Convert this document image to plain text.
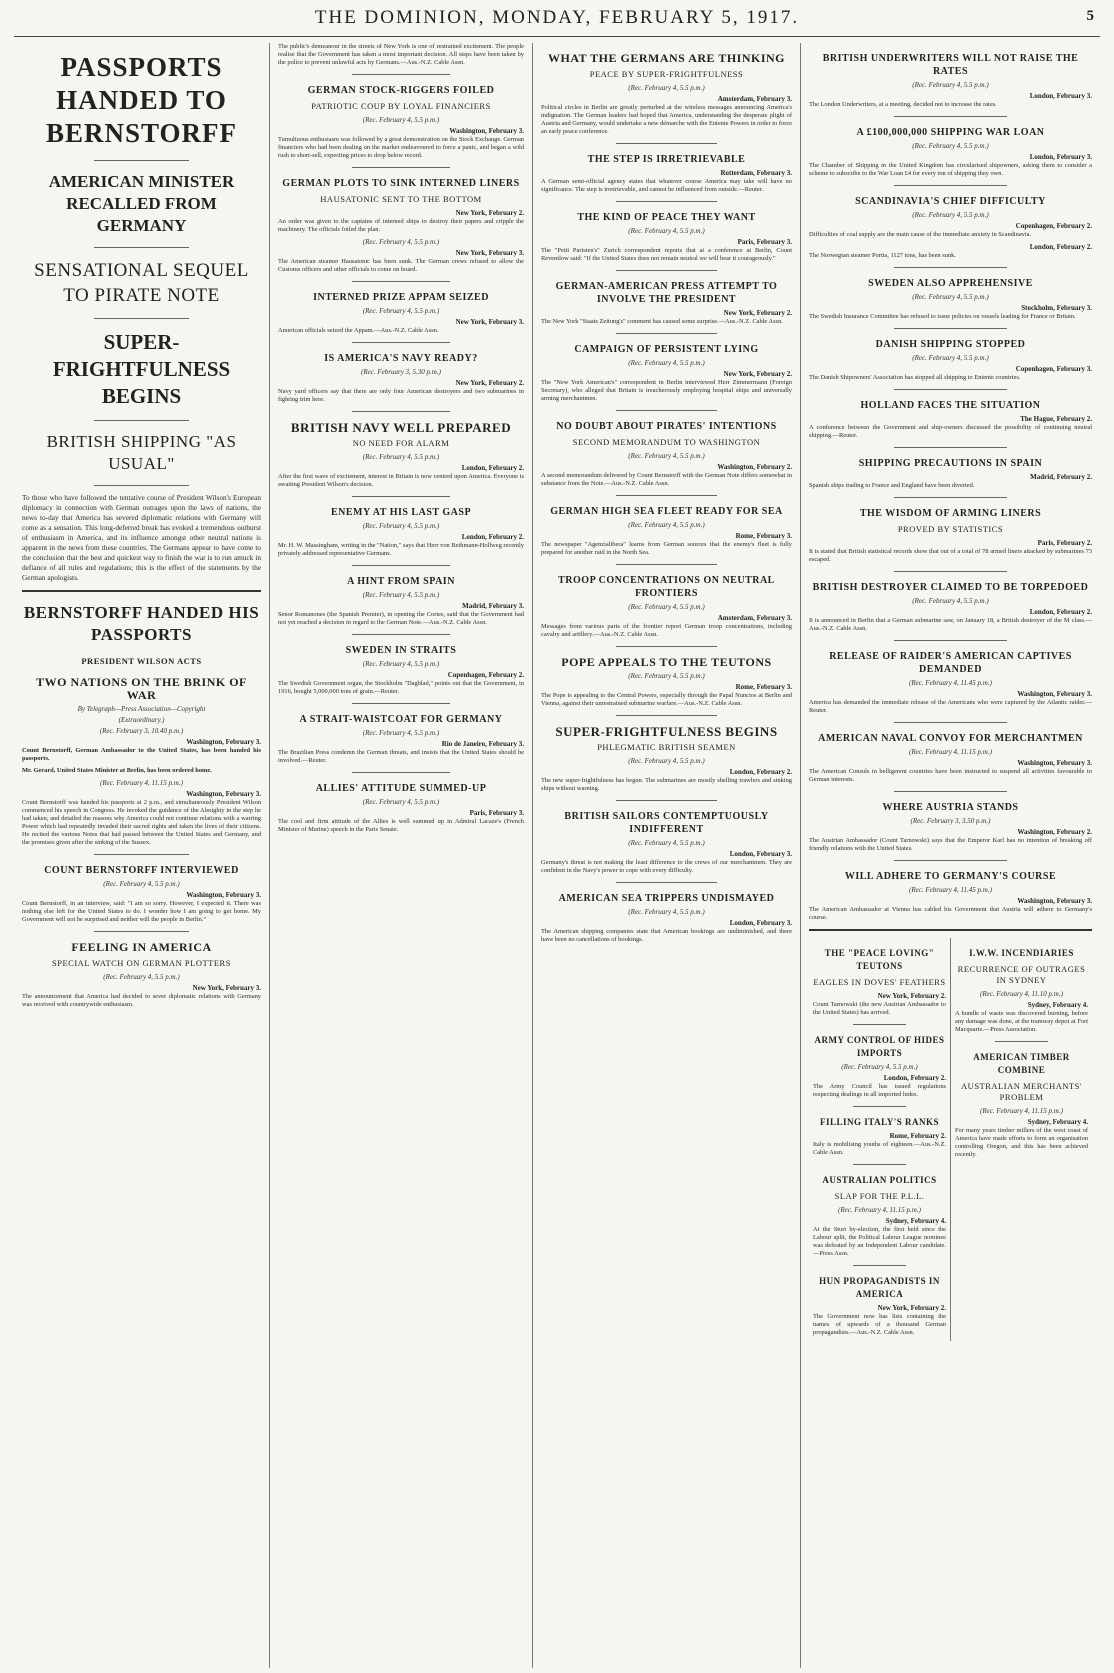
THE DOMINION, MONDAY, FEBRUARY 5, 1917.	5
PASSPORTS HANDED TO BERNSTORFF
AMERICAN MINISTER RECALLED FROM GERMANY
SENSATIONAL SEQUEL TO PIRATE NOTE
SUPER-FRIGHTFULNESS BEGINS
BRITISH SHIPPING "AS USUAL"

To those who have followed the tentative course of President Wilson's European diplomacy in connection with German outrages upon the laws of nations, the news to-day that America has severed diplomatic relations with Germany will come as a sensation. This long-deferred break has evoked a tremendous outburst of enthusiasm in America, and its influence amongst other neutral nations is apparent in the news from these countries. The Germans appear to have come to the conclusion that the best and quickest way to finish the war is to run amuck in defiance of all rules and regulations; this is the effect of the statements by the German apologists.

BERNSTORFF HANDED HIS PASSPORTS
PRESIDENT WILSON ACTS
TWO NATIONS ON THE BRINK OF WAR
By Telegraph—Press Association—Copyright
(Extraordinary.)
(Rec. February 3, 10.40 p.m.)
Washington, February 3.

Count Bernstorff, German Ambassador to the United States, has been handed his passports.

Mr. Gerard, United States Minister at Berlin, has been ordered home.

(Rec. February 4, 11.15 p.m.)
Washington, February 3.

Count Bernstorff was handed his passports at 2 p.m., and simultaneously President Wilson commenced his speech in Congress. He invoked the guidance of the Almighty in the step he had taken, and detailed the reasons why America could not continue relations with a warring Power which had repeatedly invaded their sacred rights and taken the lives of their citizens. He recited the various Notes that had passed between the United States and Germany, and the promises given after the sinking of the Sussex.

COUNT BERNSTORFF INTERVIEWED
(Rec. February 4, 5.5 p.m.)
Washington, February 3.

Count Bernstorff, in an interview, said: "I am so sorry. However, I expected it. There was nothing else left for the United States to do. I wonder how I am going to get home. My Government will not be surprised and neither will the people in Berlin."

FEELING IN AMERICA
SPECIAL WATCH ON GERMAN PLOTTERS
(Rec. February 4, 5.5 p.m.)
New York, February 3.

The announcement that America had decided to sever diplomatic relations with Germany was received with countrywide enthusiasm.

The public's demeanour in the streets of New York is one of restrained excitement. The people realise that the Government has taken a most important decision. All steps have been taken by the police to prevent unlawful acts by Germans.—Aus.-N.Z. Cable Assn.

GERMAN STOCK-RIGGERS FOILED
PATRIOTIC COUP BY LOYAL FINANCIERS
(Rec. February 4, 5.5 p.m.)
Washington, February 3.

Tumultuous enthusiasm was followed by a great demonstration on the Stock Exchange. German financiers who had been dealing on the market endeavoured to force a panic, and began a wild rush to short-sell, expecting prices to drop below record.

GERMAN PLOTS TO SINK INTERNED LINERS
HAUSATONIC SENT TO THE BOTTOM
New York, February 2.

An order was given to the captains of interned ships to destroy their papers and cripple the machinery. The officials foiled the plan.

(Rec. February 4, 5.5 p.m.)
New York, February 3.

The American steamer Hausatonic has been sunk. The German crews refused to allow the Customs officers and other officials to come on board.

INTERNED PRIZE APPAM SEIZED
(Rec. February 4, 5.5 p.m.)
New York, February 3.

American officials seized the Appam.—Aus.-N.Z. Cable Assn.

IS AMERICA'S NAVY READY?
(Rec. February 3, 5.30 p.m.)
New York, February 2.

Navy yard officers say that there are only four American destroyers and two submarines in fighting trim here.

BRITISH NAVY WELL PREPARED
NO NEED FOR ALARM
(Rec. February 4, 5.5 p.m.)
London, February 2.

After the first wave of excitement, interest in Britain is now centred upon America. Everyone is awaiting President Wilson's decision.

ENEMY AT HIS LAST GASP
(Rec. February 4, 5.5 p.m.)
London, February 2.

Mr. H. W. Massingham, writing in the "Nation," says that Herr von Bethmann-Hollweg recently privately addressed representative Germans.

A HINT FROM SPAIN
(Rec. February 4, 5.5 p.m.)
Madrid, February 3.

Senor Romanones (the Spanish Premier), in opening the Cortes, said that the Government had not yet reached a decision in regard to the German Note.—Aus.-N.Z. Cable Assn.

SWEDEN IN STRAITS
(Rec. February 4, 5.5 p.m.)
Copenhagen, February 2.

The Swedish Government organ, the Stockholm "Dagblad," points out that the Government, in 1916, bought 5,000,000 tons of grain.—Reuter.

A STRAIT-WAISTCOAT FOR GERMANY
(Rec. February 4, 5.5 p.m.)
Rio de Janeiro, February 3.

The Brazilian Press condemn the German threats, and insists that the United States should be involved.—Reuter.

ALLIES' ATTITUDE SUMMED-UP
(Rec. February 4, 5.5 p.m.)
Paris, February 3.

The cool and firm attitude of the Allies is well summed up in Admiral Lacaze's (French Minister of Marine) speech in the Paris Senate.

WHAT THE GERMANS ARE THINKING
PEACE BY SUPER-FRIGHTFULNESS
(Rec. February 4, 5.5 p.m.)
Amsterdam, February 3.

Political circles in Berlin are greatly perturbed at the wireless messages announcing America's indignation. The German leaders had hoped that America, understanding the desperate plight of Austria and Germany, would undertake a new démarche with the Entente Powers in order to force an early peace conference.

THE STEP IS IRRETRIEVABLE
Rotterdam, February 3.

A German semi-official agency states that whatever course America may take will have no significance. The step is irretrievable, and cannot be influenced from outside.—Reuter.

THE KIND OF PEACE THEY WANT
(Rec. February 4, 5.5 p.m.)
Paris, February 3.

The "Petit Parisien's" Zurich correspondent reports that at a conference at Berlin, Count Reventlow said: "If the United States does not remain neutral we will bear it courageously."

GERMAN-AMERICAN PRESS ATTEMPT TO INVOLVE THE PRESIDENT
New York, February 2.

The New York "Staats Zeitung's" comment has caused some surprise.—Aus.-N.Z. Cable Assn.

CAMPAIGN OF PERSISTENT LYING
(Rec. February 4, 5.5 p.m.)
New York, February 2.

The "New York American's" correspondent in Berlin interviewed Herr Zimmermann (Foreign Secretary), who alleged that Britain is treacherously employing hospital ships and universally arming merchantmen.

NO DOUBT ABOUT PIRATES' INTENTIONS
SECOND MEMORANDUM TO WASHINGTON
(Rec. February 4, 5.5 p.m.)
Washington, February 2.

A second memorandum delivered by Count Bernstorff with the German Note differs somewhat in substance from the Note.—Aus.-N.Z. Cable Assn.

GERMAN HIGH SEA FLEET READY FOR SEA
(Rec. February 4, 5.5 p.m.)
Rome, February 3.

The newspaper "Agenzialibera" learns from German sources that the enemy's fleet is fully prepared for another raid in the North Sea.

TROOP CONCENTRATIONS ON NEUTRAL FRONTIERS
(Rec. February 4, 5.5 p.m.)
Amsterdam, February 3.

Messages from various parts of the frontier report German troop concentrations, including cavalry and artillery.—Aus.-N.Z. Cable Assn.

POPE APPEALS TO THE TEUTONS
(Rec. February 4, 5.5 p.m.)
Rome, February 3.

The Pope is appealing to the Central Powers, especially through the Papal Nuncios at Berlin and Vienna, against their unrestrained submarine warfare.—Aus.-N.Z. Cable Assn.

SUPER-FRIGHTFULNESS BEGINS
PHLEGMATIC BRITISH SEAMEN
(Rec. February 4, 5.5 p.m.)
London, February 2.

The new super-frightfulness has begun. The submarines are mostly shelling trawlers and sinking ships without warning.

BRITISH SAILORS CONTEMPTUOUSLY INDIFFERENT
(Rec. February 4, 5.5 p.m.)
London, February 3.

Germany's threat is not making the least difference to the crews of our merchantmen. They are confident in the Navy's power to cope with every difficulty.

AMERICAN SEA TRIPPERS UNDISMAYED
(Rec. February 4, 5.5 p.m.)
London, February 3.

The American shipping companies state that American bookings are undiminished, and there have been no cancellations of bookings.

BRITISH UNDERWRITERS WILL NOT RAISE THE RATES
(Rec. February 4, 5.5 p.m.)
London, February 3.

The London Underwriters, at a meeting, decided not to increase the rates.

A £100,000,000 SHIPPING WAR LOAN
(Rec. February 4, 5.5 p.m.)
London, February 3.

The Chamber of Shipping in the United Kingdom has circularised shipowners, asking them to consider a scheme to subscribe to the War Loan £4 for every ton of shipping they own.

SCANDINAVIA'S CHIEF DIFFICULTY
(Rec. February 4, 5.5 p.m.)
Copenhagen, February 2.

Difficulties of coal supply are the main cause of the immediate anxiety in Scandinavia.

London, February 2.

The Norwegian steamer Portia, 1127 tons, has been sunk.

SWEDEN ALSO APPREHENSIVE
(Rec. February 4, 5.5 p.m.)
Stockholm, February 3.

The Swedish Insurance Committee has refused to issue policies on vessels leading for France or Britain.

DANISH SHIPPING STOPPED
(Rec. February 4, 5.5 p.m.)
Copenhagen, February 3.

The Danish Shipowners' Association has stopped all shipping to Entente countries.

HOLLAND FACES THE SITUATION
The Hague, February 2.

A conference between the Government and ship-owners discussed the possibility of continuing neutral shipping.—Reuter.

SHIPPING PRECAUTIONS IN SPAIN
Madrid, February 2.

Spanish ships trading to France and England have been diverted.

THE WISDOM OF ARMING LINERS
PROVED BY STATISTICS
Paris, February 2.

It is stated that British statistical records show that out of a total of 78 armed liners attacked by submarines 73 escaped.

BRITISH DESTROYER CLAIMED TO BE TORPEDOED
(Rec. February 4, 5.5 p.m.)
London, February 2.

It is announced in Berlin that a German submarine saw, on January 18, a British destroyer of the M class.—Aus.-N.Z. Cable Assn.

RELEASE OF RAIDER'S AMERICAN CAPTIVES DEMANDED
(Rec. February 4, 11.45 p.m.)
Washington, February 3.

America has demanded the immediate release of the Americans who were captured by the Atlantic raider.—Reuter.

AMERICAN NAVAL CONVOY FOR MERCHANTMEN
(Rec. February 4, 11.15 p.m.)
Washington, February 3.

The American Consuls in belligerent countries have been instructed to suspend all activities favourable to German interests.

WHERE AUSTRIA STANDS
(Rec. February 3, 3.50 p.m.)
Washington, February 2.

The Austrian Ambassador (Count Tarnowski) says that the Emperor Karl has no intention of breaking off friendly relations with the United States.

WILL ADHERE TO GERMANY'S COURSE
(Rec. February 4, 11.45 p.m.)
Washington, February 3.

The American Ambassador at Vienna has cabled his Government that Austria will adhere to Germany's course.

THE "PEACE LOVING" TEUTONS
EAGLES IN DOVES' FEATHERS
New York, February 2.

Count Tarnowski (the new Austrian Ambassador to the United States) has arrived.

ARMY CONTROL OF HIDES IMPORTS
(Rec. February 4, 5.5 p.m.)
London, February 2.

The Army Council has issued regulations respecting dealings in all imported hides.

FILLING ITALY'S RANKS
Rome, February 2.

Italy is mobilising youths of eighteen.—Aus.-N.Z. Cable Assn.

AUSTRALIAN POLITICS
SLAP FOR THE P.L.L.
(Rec. February 4, 11.15 p.m.)
Sydney, February 4.

At the Sturt by-election, the first held since the Labour split, the Political Labour League nominee was defeated by an Independent Labour candidate.—Press Assn.

HUN PROPAGANDISTS IN AMERICA
New York, February 2.

The Government now has lists containing the names of upwards of a thousand German propagandists.—Aus.-N.Z. Cable Assn.

I.W.W. INCENDIARIES
RECURRENCE OF OUTRAGES IN SYDNEY
(Rec. February 4, 11.10 p.m.)
Sydney, February 4.

A bundle of waste was discovered burning, before any damage was done, at the tramway depot at Fort Macquarie.—Press Association.

AMERICAN TIMBER COMBINE
AUSTRALIAN MERCHANTS' PROBLEM
(Rec. February 4, 11.15 p.m.)
Sydney, February 4.

For many years timber millers of the west coast of America have made efforts to form an organisation controlling Oregon, and this has been achieved recently.
